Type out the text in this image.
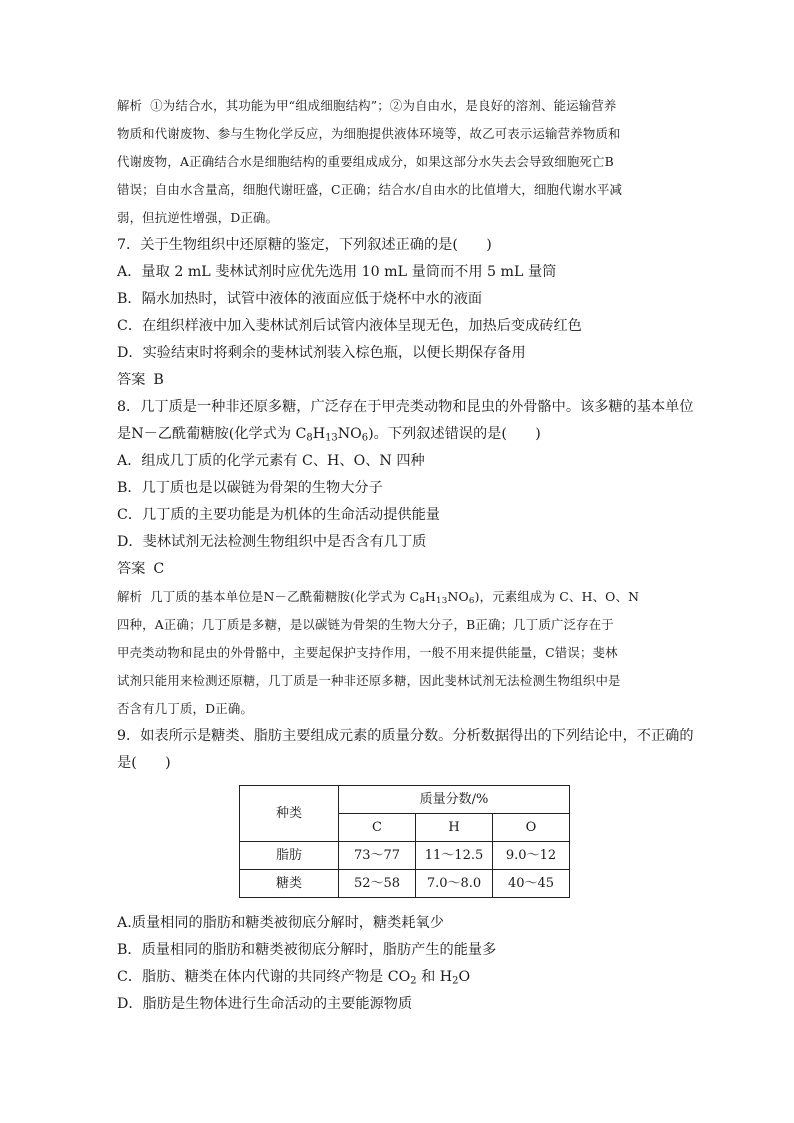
解析 ①为结合水，其功能为甲“组成细胞结构”；②为自由水，是良好的溶剂、能运输营养
物质和代谢废物、参与生物化学反应，为细胞提供液体环境等，故乙可表示运输营养物质和
代谢废物，A正确结合水是细胞结构的重要组成成分，如果这部分水失去会导致细胞死亡B
错误；自由水含量高，细胞代谢旺盛，C正确；结合水/自由水的比值增大，细胞代谢水平减
弱，但抗逆性增强，D正确。
7．关于生物组织中还原糖的鉴定，下列叙述正确的是(　　)
A．量取 2 mL 斐林试剂时应优先选用 10 mL 量筒而不用 5 mL 量筒
B．隔水加热时，试管中液体的液面应低于烧杯中水的液面
C．在组织样液中加入斐林试剂后试管内液体呈现无色，加热后变成砖红色
D．实验结束时将剩余的斐林试剂装入棕色瓶，以便长期保存备用
答案 B
8．几丁质是一种非还原多糖，广泛存在于甲壳类动物和昆虫的外骨骼中。该多糖的基本单位
是N－乙酰葡糖胺(化学式为 $C_8H_{13}NO_6$)。下列叙述错误的是(　　)
A．组成几丁质的化学元素有 C、H、O、N 四种
B．几丁质也是以碳链为骨架的生物大分子
C．几丁质的主要功能是为机体的生命活动提供能量
D．斐林试剂无法检测生物组织中是否含有几丁质
答案 C
解析 几丁质的基本单位是N－乙酰葡糖胺(化学式为 $C_8H_{13}NO_6$)，元素组成为 C、H、O、N
四种，A正确；几丁质是多糖，是以碳链为骨架的生物大分子，B正确；几丁质广泛存在于
甲壳类动物和昆虫的外骨骼中，主要起保护支持作用，一般不用来提供能量，C错误；斐林
试剂只能用来检测还原糖，几丁质是一种非还原多糖，因此斐林试剂无法检测生物组织中是
否含有几丁质，D正确。
9．如表所示是糖类、脂肪主要组成元素的质量分数。分析数据得出的下列结论中，不正确的
是(　　)
种类	质量分数/%		
	C	H	O
脂肪	73～77	11～12.5	9.0～12
糖类	52～58	7.0～8.0	40～45
A.质量相同的脂肪和糖类被彻底分解时，糖类耗氧少
B．质量相同的脂肪和糖类被彻底分解时，脂肪产生的能量多
C．脂肪、糖类在体内代谢的共同终产物是 $CO_2$ 和 $H_2O$
D．脂肪是生物体进行生命活动的主要能源物质
